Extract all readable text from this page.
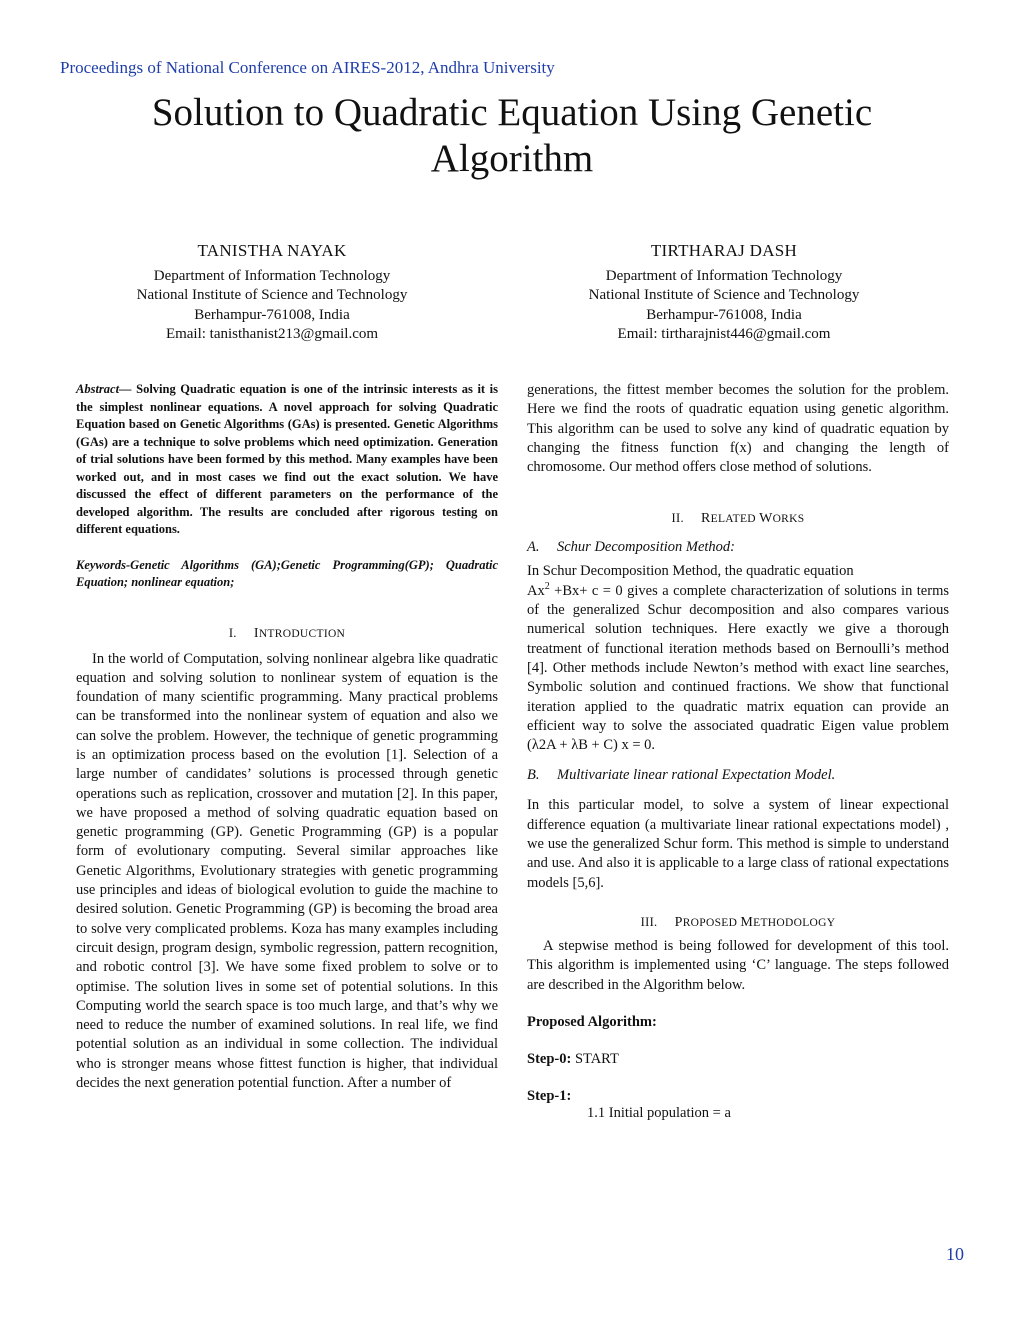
Proceedings of National Conference on AIRES-2012, Andhra University
Solution to Quadratic Equation Using Genetic
Algorithm
TANISTHA NAYAK
Department of Information Technology
National Institute of Science and Technology
Berhampur-761008, India
Email: tanisthanist213@gmail.com
TIRTHARAJ DASH
Department of Information Technology
National Institute of Science and Technology
Berhampur-761008, India
Email: tirtharajnist446@gmail.com

Abstract— Solving Quadratic equation is one of the intrinsic interests as it is the simplest nonlinear equations. A novel approach for solving Quadratic Equation based on Genetic Algorithms (GAs) is presented. Genetic Algorithms (GAs) are a technique to solve problems which need optimization. Generation of trial solutions have been formed by this method. Many examples have been worked out, and in most cases we find out the exact solution. We have discussed the effect of different parameters on the performance of the developed algorithm. The results are concluded after rigorous testing on different equations.

Keywords-Genetic Algorithms (GA);Genetic Programming(GP); Quadratic Equation; nonlinear equation;

I. INTRODUCTION

In the world of Computation, solving nonlinear algebra like quadratic equation and solving solution to nonlinear system of equation is the foundation of many scientific programming. Many practical problems can be transformed into the nonlinear system of equation and also we can solve the problem. However, the technique of genetic programming is an optimization process based on the evolution [1]. Selection of a large number of candidates’ solutions is processed through genetic operations such as replication, crossover and mutation [2]. In this paper, we have proposed a method of solving quadratic equation based on genetic programming (GP). Genetic Programming (GP) is a popular form of evolutionary computing. Several similar approaches like Genetic Algorithms, Evolutionary strategies with genetic programming use principles and ideas of biological evolution to guide the machine to desired solution. Genetic Programming (GP) is becoming the broad area to solve very complicated problems. Koza has many examples including circuit design, program design, symbolic regression, pattern recognition, and robotic control [3]. We have some fixed problem to solve or to optimise. The solution lives in some set of potential solutions. In this Computing world the search space is too much large, and that’s why we need to reduce the number of examined solutions. In real life, we find potential solution as an individual in some collection. The individual who is stronger means whose fittest function is higher, that individual decides the next generation potential function. After a number of

generations, the fittest member becomes the solution for the problem. Here we find the roots of quadratic equation using genetic algorithm. This algorithm can be used to solve any kind of quadratic equation by changing the fitness function f(x) and changing the length of chromosome. Our method offers close method of solutions.

II. RELATED WORKS

A. Schur Decomposition Method:

In Schur Decomposition Method, the quadratic equation
$Ax^2 +Bx+ c = 0$ gives a complete characterization of solutions in terms of the generalized Schur decomposition and also compares various numerical solution techniques. Here exactly we give a thorough treatment of functional iteration methods based on Bernoulli’s method [4]. Other methods include Newton’s method with exact line searches, Symbolic solution and continued fractions. We show that functional iteration applied to the quadratic matrix equation can provide an efficient way to solve the associated quadratic Eigen value problem (λ2A + λB + C) x = 0.

B. Multivariate linear rational Expectation Model.

In this particular model, to solve a system of linear expectional difference equation (a multivariate linear rational expectations model) , we use the generalized Schur form. This method is simple to understand and use. And also it is applicable to a large class of rational expectations models [5,6].

III. PROPOSED METHODOLOGY

A stepwise method is being followed for development of this tool. This algorithm is implemented using ‘C’ language. The steps followed are described in the Algorithm below.

Proposed Algorithm:

Step-0: START

Step-1:

1.1 Initial population = a

10
